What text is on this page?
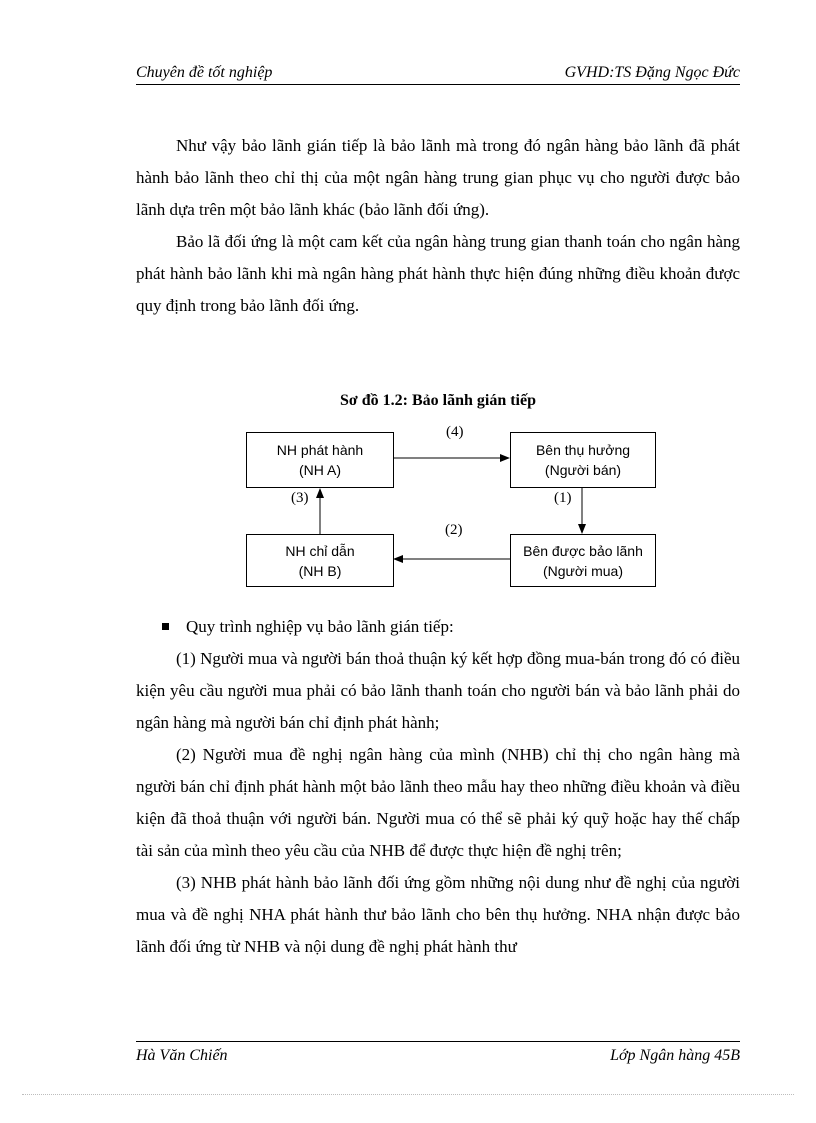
Chuyên đề tốt nghiệp	GVHD:TS Đặng Ngọc Đức

Như vậy bảo lãnh gián tiếp là bảo lãnh mà trong đó ngân hàng bảo lãnh đã phát hành bảo lãnh theo chỉ thị của một ngân hàng trung gian phục vụ cho người được bảo lãnh dựa trên một bảo lãnh khác (bảo lãnh đối ứng).

Bảo lã đối ứng là một cam kết của ngân hàng trung gian thanh toán cho ngân hàng phát hành bảo lãnh khi mà ngân hàng phát hành thực hiện đúng những điều khoản được quy định trong bảo lãnh đối ứng.

Sơ đồ 1.2: Bảo lãnh gián tiếp
NH phát hành
(NH A)
Bên thụ hưởng
(Người bán)
NH chỉ dẫn
(NH B)
Bên được bảo lãnh
(Người mua)
(4)
(1)
(2)
(3)

Quy trình nghiệp vụ bảo lãnh gián tiếp:

(1) Người mua và người bán thoả thuận ký kết hợp đồng mua-bán trong đó có điều kiện yêu cầu người mua phải có bảo lãnh thanh toán cho người bán và bảo lãnh phải do ngân hàng mà người bán chỉ định phát hành;

(2) Người mua đề nghị ngân hàng của mình (NHB) chỉ thị cho ngân hàng mà người bán chỉ định phát hành một bảo lãnh theo mẫu hay theo những điều khoản và điều kiện đã thoả thuận với người bán. Người mua có thể sẽ phải ký quỹ hoặc hay thế chấp tài sản của mình theo yêu cầu của NHB để được thực hiện đề nghị trên;

(3) NHB phát hành bảo lãnh đối ứng gồm những nội dung như đề nghị của người mua và đề nghị NHA phát hành thư bảo lãnh cho bên thụ hưởng. NHA nhận được bảo lãnh đối ứng từ NHB và nội dung đề nghị phát hành thư

Hà Văn Chiến	Lớp Ngân hàng 45B
